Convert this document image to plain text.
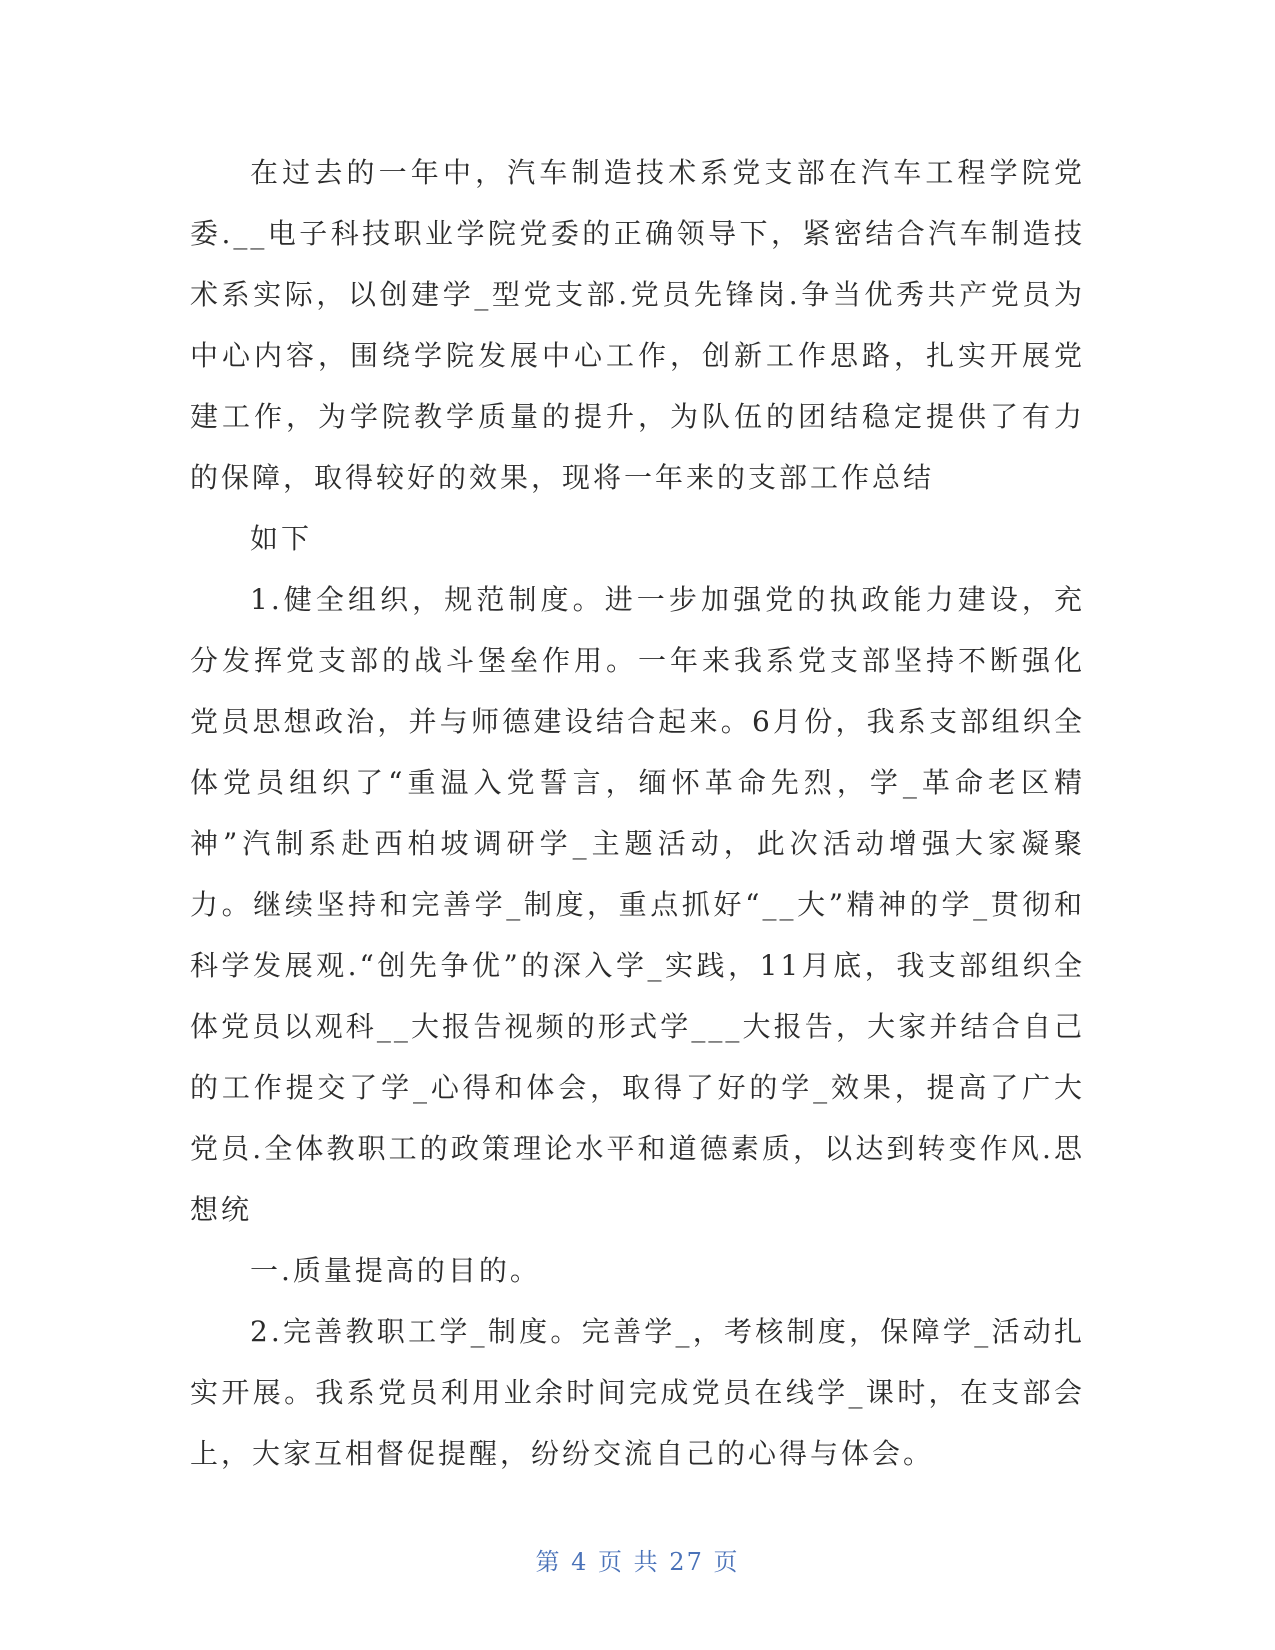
在过去的一年中，汽车制造技术系党支部在汽车工程学院党委.__电子科技职业学院党委的正确领导下，紧密结合汽车制造技术系实际，以创建学_型党支部.党员先锋岗.争当优秀共产党员为中心内容，围绕学院发展中心工作，创新工作思路，扎实开展党建工作，为学院教学质量的提升，为队伍的团结稳定提供了有力的保障，取得较好的效果，现将一年来的支部工作总结

如下

1.健全组织，规范制度。进一步加强党的执政能力建设，充分发挥党支部的战斗堡垒作用。一年来我系党支部坚持不断强化党员思想政治，并与师德建设结合起来。6月份，我系支部组织全体党员组织了“重温入党誓言，缅怀革命先烈，学_革命老区精神”汽制系赴西柏坡调研学_主题活动，此次活动增强大家凝聚力。继续坚持和完善学_制度，重点抓好“__大”精神的学_贯彻和科学发展观.“创先争优”的深入学_实践，11月底，我支部组织全体党员以观科__大报告视频的形式学___大报告，大家并结合自己的工作提交了学_心得和体会，取得了好的学_效果，提高了广大党员.全体教职工的政策理论水平和道德素质，以达到转变作风.思想统

一.质量提高的目的。

2.完善教职工学_制度。完善学_，考核制度，保障学_活动扎实开展。我系党员利用业余时间完成党员在线学_课时，在支部会上，大家互相督促提醒，纷纷交流自己的心得与体会。

第 4 页 共 27 页
